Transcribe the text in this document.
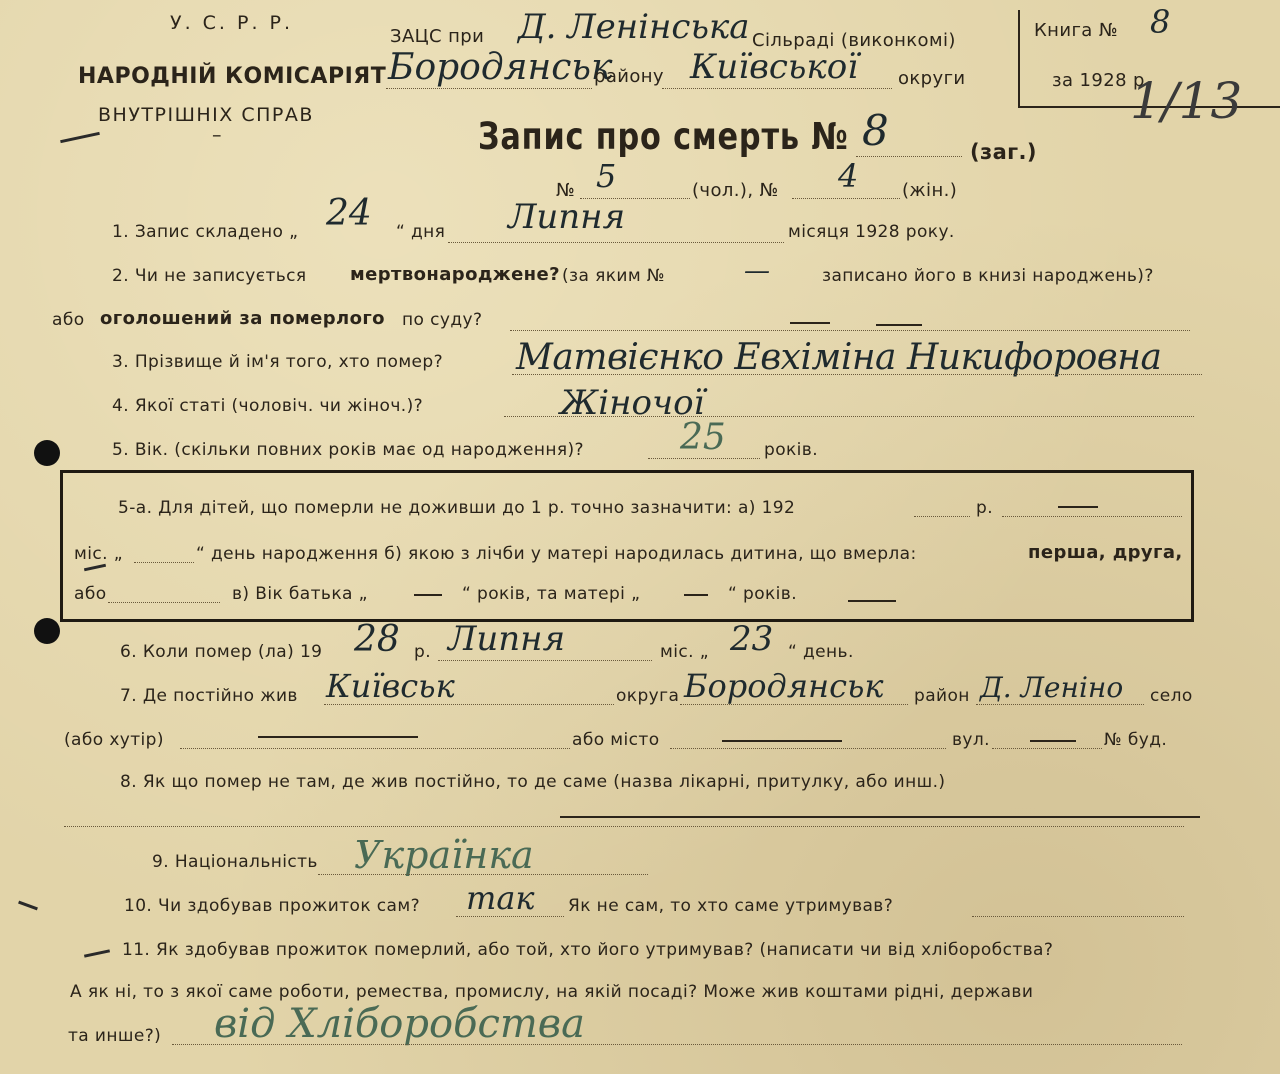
У. С. Р. Р.
НАРОДНІЙ КОМІСАРІЯТ
ВНУТРІШНІХ СПРАВ
–
ЗАЦС при Д. Ленінська Сільраді (виконкомі)
Бородянськ
району Київської округи
Книга № 8
за 1928 р.
1/13
Запис про смерть № 8	(заг.)
№ 5	(чол.), № 4 (жін.)
1. Запис складено „ 24 “ дня Липня	місяця 1928 року.
2. Чи не записується мертвонароджене? (за яким №	—	записано його в книзі народжень)?
або оголошений за померлого по суду?
3. Прізвище й ім'я того, хто помер? Матвієнко Евхіміна Никифоровна
4. Якої статі (чоловіч. чи жіноч.)?	Жіночої
5. Вік. (скільки повних років має од народження)?	25 років.
5-а. Для дітей, що померли не доживши до 1 р. точно зазначити: а) 192	р.
міс. „	“ день народження б) якою з лічби у матері народилась дитина, що вмерла:	перша, друга,
або	в) Вік батька „	“ років, та матері „	“ років.
6. Коли помер (ла) 19 28 р. Липня	міс. „ 23 “ день.
7. Де постійно жив Київськ	округа Бородянськ район Д. Леніно село
(або хутір)	або місто	вул.	№ буд.
8. Як що помер не там, де жив постійно, то де саме (назва лікарні, притулку, або инш.)
9. Національність Українка
10. Чи здобував прожиток сам? так Як не сам, то хто саме утримував?
11. Як здобував прожиток померлий, або той, хто його утримував? (написати чи від хліборобства?
А як ні, то з якої саме роботи, ремества, промислу, на якій посаді? Може жив коштами рідні, держави
та инше?) від Хліборобства
